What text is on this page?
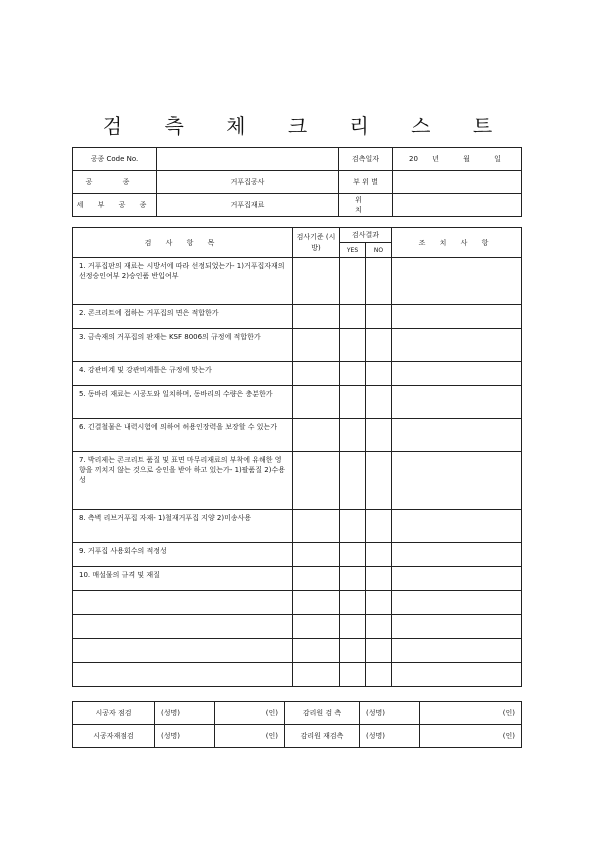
검 측 체 크 리 스 트
공종 Code No.		검측일자	20 년 월 일
공 종	거푸집공사	부 위 별	
세 부 공 종	거푸집재료	위 치	
검 사 항 목	검사기준 (시방)	검사결과		조 치 사 항
		YES	NO	
1. 거푸집판의 재료는 시방서에 따라 선정되었는가- 1)거푸집자재의 선정승인여부 2)승인품 반입여부				
2. 콘크리트에 접하는 거푸집의 면은 적합한가				
3. 금속재의 거푸집의 판재는 KSF 8006의 규정에 적합한가				
4. 강관비계 및 강관비계틀은 규정에 맞는가				
5. 동바리 재료는 시공도와 일치하며, 동바리의 수량은 충분한가				
6. 긴결철물은 내력시험에 의하여 허용인장력을 보장할 수 있는가				
7. 박리제는 콘크리트 품질 및 표면 마무리재료의 부착에 유해한 영향을 끼치지 않는 것으로 승인을 받아 하고 있는가- 1)팔품질 2)수용성				
8. 측벽 리브거푸집 자재- 1)철재거푸집 지양 2)미송사용				
9. 거푸집 사용회수의 적정성				
10. 매설물의 규격 및 재질				

시공자 점검	(성명)	(인)	감리원 검 측	(성명)	(인)
시공자재점검	(성명)	(인)	감리원 재검측	(성명)	(인)
